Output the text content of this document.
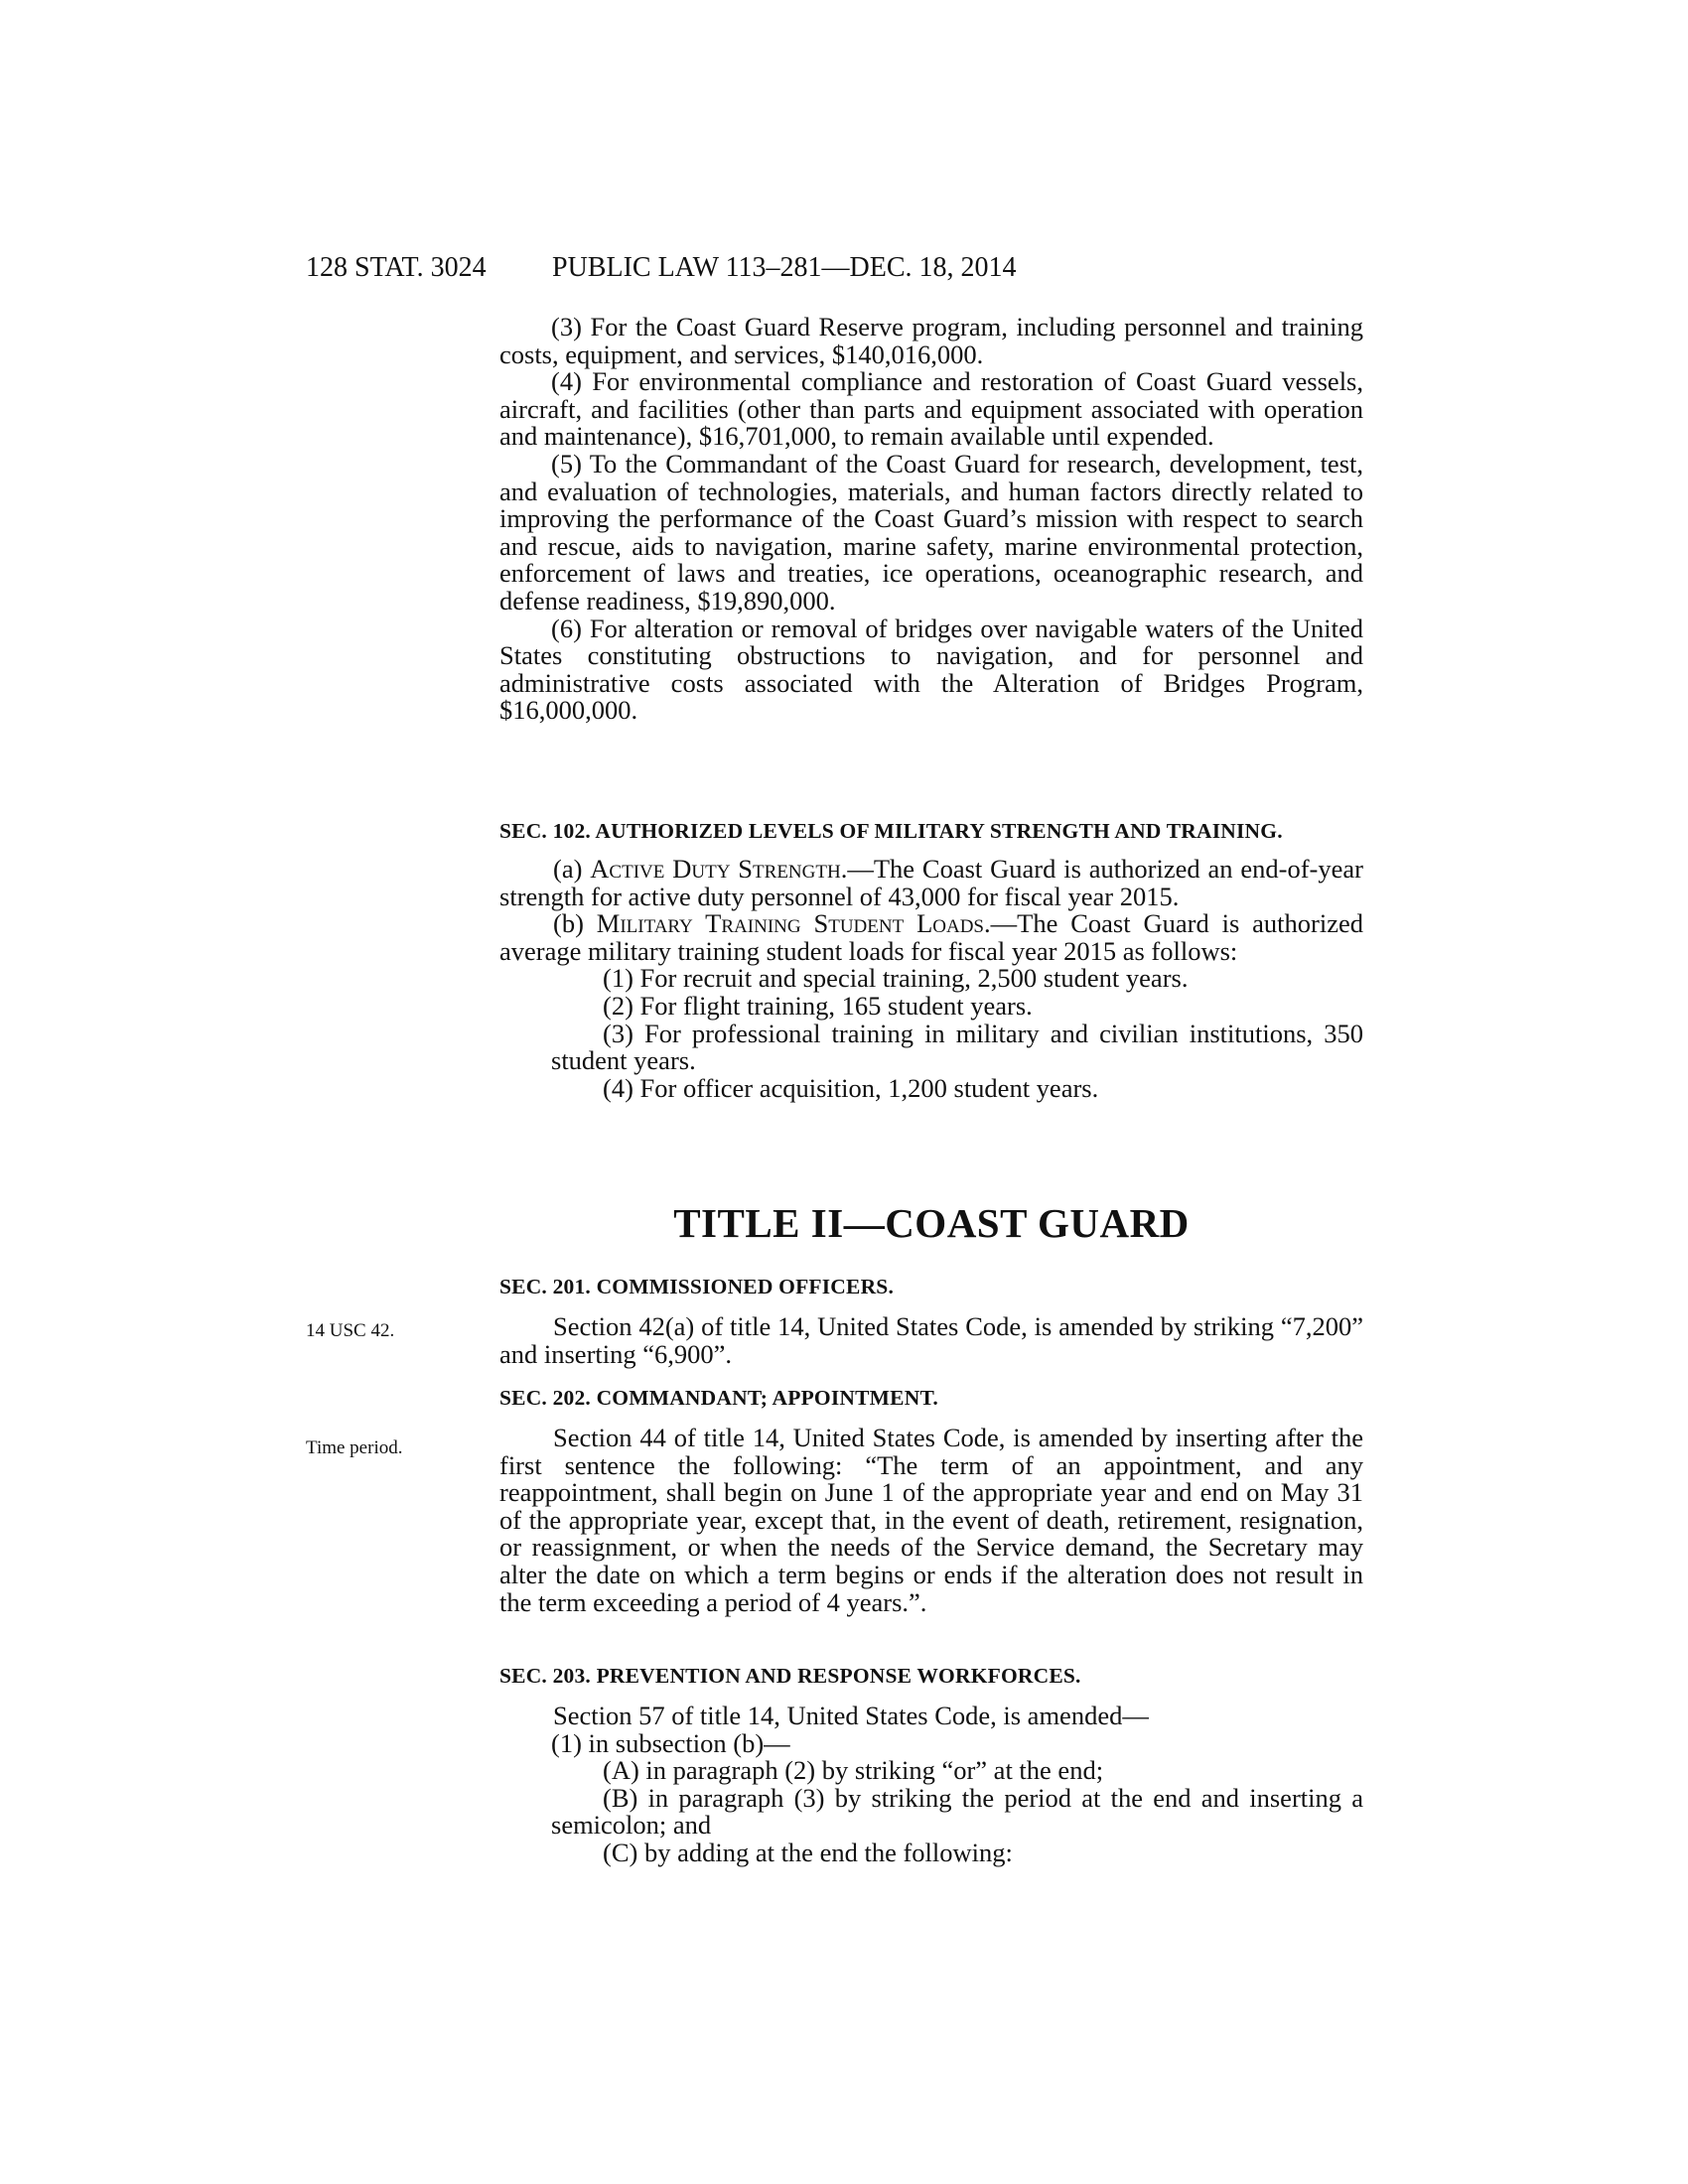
128 STAT. 3024 PUBLIC LAW 113–281—DEC. 18, 2014
14 USC 42.
Time period.

(3) For the Coast Guard Reserve program, including personnel and training costs, equipment, and services, $140,016,000.

(4) For environmental compliance and restoration of Coast Guard vessels, aircraft, and facilities (other than parts and equipment associated with operation and maintenance), $16,701,000, to remain available until expended.

(5) To the Commandant of the Coast Guard for research, development, test, and evaluation of technologies, materials, and human factors directly related to improving the performance of the Coast Guard’s mission with respect to search and rescue, aids to navigation, marine safety, marine environmental protection, enforcement of laws and treaties, ice operations, oceanographic research, and defense readiness, $19,890,000.

(6) For alteration or removal of bridges over navigable waters of the United States constituting obstructions to navigation, and for personnel and administrative costs associated with the Alteration of Bridges Program, $16,000,000.

SEC. 102. AUTHORIZED LEVELS OF MILITARY STRENGTH AND TRAINING.

(a) Active Duty Strength.—The Coast Guard is authorized an end-of-year strength for active duty personnel of 43,000 for fiscal year 2015.

(b) Military Training Student Loads.—The Coast Guard is authorized average military training student loads for fiscal year 2015 as follows:

(1) For recruit and special training, 2,500 student years.

(2) For flight training, 165 student years.

(3) For professional training in military and civilian institutions, 350 student years.

(4) For officer acquisition, 1,200 student years.

TITLE II—COAST GUARD

SEC. 201. COMMISSIONED OFFICERS.

Section 42(a) of title 14, United States Code, is amended by striking “7,200” and inserting “6,900”.

SEC. 202. COMMANDANT; APPOINTMENT.

Section 44 of title 14, United States Code, is amended by inserting after the first sentence the following: “The term of an appointment, and any reappointment, shall begin on June 1 of the appropriate year and end on May 31 of the appropriate year, except that, in the event of death, retirement, resignation, or reassignment, or when the needs of the Service demand, the Secretary may alter the date on which a term begins or ends if the alteration does not result in the term exceeding a period of 4 years.”.

SEC. 203. PREVENTION AND RESPONSE WORKFORCES.

Section 57 of title 14, United States Code, is amended—

(1) in subsection (b)—

(A) in paragraph (2) by striking “or” at the end;

(B) in paragraph (3) by striking the period at the end and inserting a semicolon; and

(C) by adding at the end the following:
